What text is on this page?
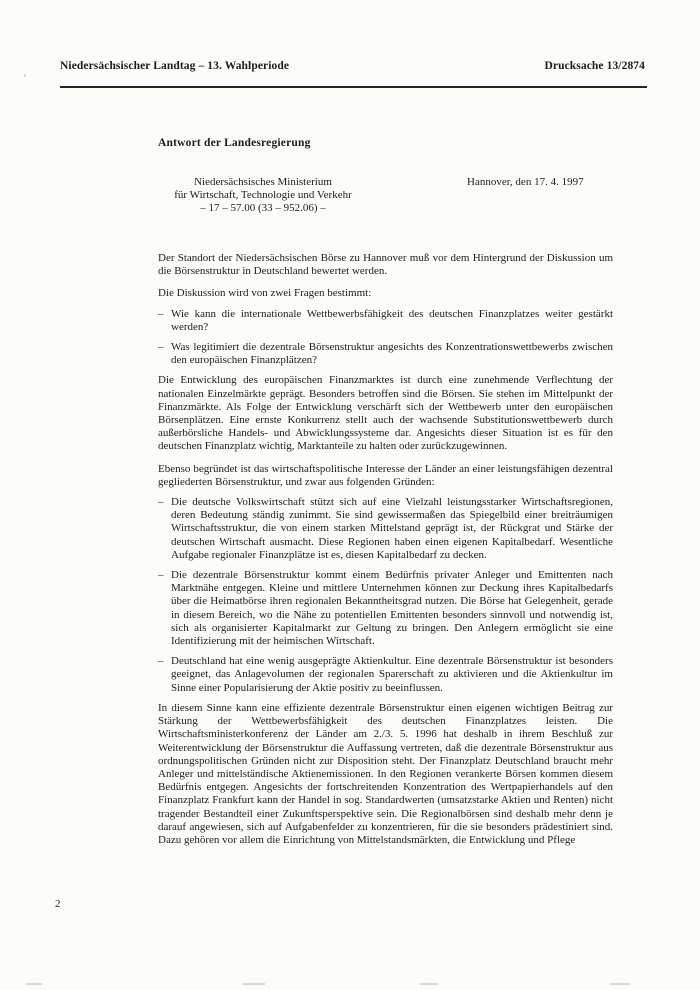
Niedersächsischer Landtag – 13. Wahlperiode	Drucksache 13/2874
Antwort der Landesregierung
Niedersächsisches Ministerium
für Wirtschaft, Technologie und Verkehr
– 17 – 57.00 (33 – 952.06) –
Hannover, den 17. 4. 1997

Der Standort der Niedersächsischen Börse zu Hannover muß vor dem Hintergrund der Diskussion um die Börsenstruktur in Deutschland bewertet werden.

Die Diskussion wird von zwei Fragen bestimmt:

– Wie kann die internationale Wettbewerbsfähigkeit des deutschen Finanzplatzes weiter gestärkt werden?
– Was legitimiert die dezentrale Börsenstruktur angesichts des Konzentrationswettbewerbs zwischen den europäischen Finanzplätzen?

Die Entwicklung des europäischen Finanzmarktes ist durch eine zunehmende Verflechtung der nationalen Einzelmärkte geprägt. Besonders betroffen sind die Börsen. Sie stehen im Mittelpunkt der Finanzmärkte. Als Folge der Entwicklung verschärft sich der Wettbewerb unter den europäischen Börsenplätzen. Eine ernste Konkurrenz stellt auch der wachsende Substitutionswettbewerb durch außerbörsliche Handels- und Abwicklungssysteme dar. Angesichts dieser Situation ist es für den deutschen Finanzplatz wichtig, Marktanteile zu halten oder zurückzugewinnen.

Ebenso begründet ist das wirtschaftspolitische Interesse der Länder an einer leistungsfähigen dezentral gegliederten Börsenstruktur, und zwar aus folgenden Gründen:

– Die deutsche Volkswirtschaft stützt sich auf eine Vielzahl leistungsstarker Wirtschaftsregionen, deren Bedeutung ständig zunimmt. Sie sind gewissermaßen das Spiegelbild einer breiträumigen Wirtschaftsstruktur, die von einem starken Mittelstand geprägt ist, der Rückgrat und Stärke der deutschen Wirtschaft ausmacht. Diese Regionen haben einen eigenen Kapitalbedarf. Wesentliche Aufgabe regionaler Finanzplätze ist es, diesen Kapitalbedarf zu decken.
– Die dezentrale Börsenstruktur kommt einem Bedürfnis privater Anleger und Emittenten nach Marktnähe entgegen. Kleine und mittlere Unternehmen können zur Deckung ihres Kapitalbedarfs über die Heimatbörse ihren regionalen Bekanntheitsgrad nutzen. Die Börse hat Gelegenheit, gerade in diesem Bereich, wo die Nähe zu potentiellen Emittenten besonders sinnvoll und notwendig ist, sich als organisierter Kapitalmarkt zur Geltung zu bringen. Den Anlegern ermöglicht sie eine Identifizierung mit der heimischen Wirtschaft.
– Deutschland hat eine wenig ausgeprägte Aktienkultur. Eine dezentrale Börsenstruktur ist besonders geeignet, das Anlagevolumen der regionalen Sparerschaft zu aktivieren und die Aktienkultur im Sinne einer Popularisierung der Aktie positiv zu beeinflussen.

In diesem Sinne kann eine effiziente dezentrale Börsenstruktur einen eigenen wichtigen Beitrag zur Stärkung der Wettbewerbsfähigkeit des deutschen Finanzplatzes leisten. Die Wirtschaftsministerkonferenz der Länder am 2./3. 5. 1996 hat deshalb in ihrem Beschluß zur Weiterentwicklung der Börsenstruktur die Auffassung vertreten, daß die dezentrale Börsenstruktur aus ordnungspolitischen Gründen nicht zur Disposition steht. Der Finanzplatz Deutschland braucht mehr Anleger und mittelständische Aktienemissionen. In den Regionen verankerte Börsen kommen diesem Bedürfnis entgegen. Angesichts der fortschreitenden Konzentration des Wertpapierhandels auf den Finanzplatz Frankfurt kann der Handel in sog. Standardwerten (umsatzstarke Aktien und Renten) nicht tragender Bestandteil einer Zukunftsperspektive sein. Die Regionalbörsen sind deshalb mehr denn je darauf angewiesen, sich auf Aufgabenfelder zu konzentrieren, für die sie besonders prädestiniert sind. Dazu gehören vor allem die Einrichtung von Mittelstandsmärkten, die Entwicklung und Pflege

2
